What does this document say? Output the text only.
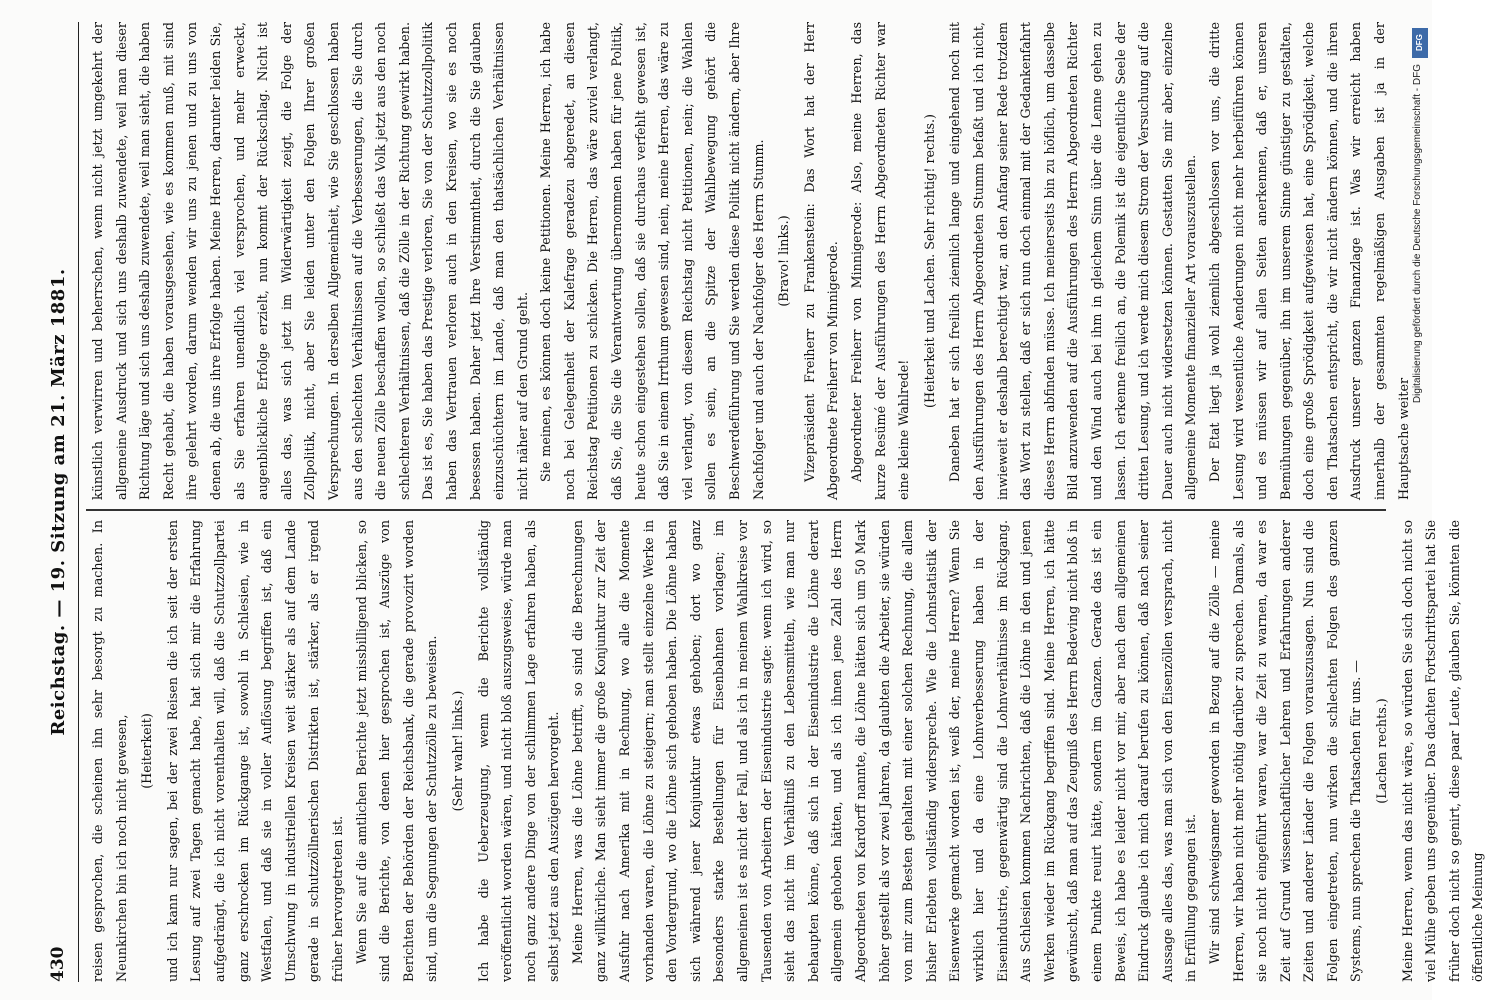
430
Reichstag. — 19. Sitzung am 21. März 1881.

reisen gesprochen, die scheinen ihn sehr besorgt zu machen. In Neunkirchen bin ich noch nicht gewesen, (Heiterkeit) und ich kann nur sagen, bei der zwei Reisen die ich seit der ersten Lesung auf zwei Tagen gemacht habe, hat sich mir die Erfahrung aufgedrängt, die ich nicht vorenthalten will, daß die Schutzzollpartei ganz erschrocken im Rückgange ist, sowohl in Schlesien, wie in Westfalen, und daß sie in voller Auflösung begriffen ist, daß ein Umschwung in industriellen Kreisen weit stärker als auf dem Lande gerade in schutzzöllnerischen Distrikten ist, stärker, als er irgend früher hervorgetreten ist. Wenn Sie auf die amtlichen Berichte jetzt missbilligend blicken, so sind die Berichte, von denen hier gesprochen ist, Auszüge von Berichten der Behörden der Reichsbank, die gerade provozirt worden sind, um die Segnungen der Schutzzölle zu beweisen. (Sehr wahr! links.) Ich habe die Ueberzeugung, wenn die Berichte vollständig veröffentlicht worden wären, und nicht bloß auszugsweise, würde man noch ganz andere Dinge von der schlimmen Lage erfahren haben, als selbst jetzt aus den Auszügen hervorgeht. Meine Herren, was die Löhne betrifft, so sind die Berechnungen ganz willkürliche. Man sieht immer die große Konjunktur zur Zeit der Ausfuhr nach Amerika mit in Rechnung, wo alle die Momente vorhanden waren, die Löhne zu steigern; man stellt einzelne Werke in den Vordergrund, wo die Löhne sich gehoben haben. Die Löhne haben sich während jener Konjunktur etwas gehoben; dort wo ganz besonders starke Bestellungen für Eisenbahnen vorlagen; im allgemeinen ist es nicht der Fall, und als ich in meinem Wahlkreise vor Tausenden von Arbeitern der Eisenindustrie sagte: wenn ich wird, so sieht das nicht im Verhältniß zu den Lebensmitteln, wie man nur behaupten könne, daß sich in der Eisenindustrie die Löhne derart allgemein gehoben hätten, und als ich ihnen jene Zahl des Herrn Abgeordneten von Kardorff nannte, die Löhne hätten sich um 50 Mark höher gestellt als vor zwei Jahren, da glaubten die Arbeiter, sie würden von mir zum Besten gehalten mit einer solchen Rechnung, die allem bisher Erlebten vollständig widerspreche. Wie die Lohnstatistik der Eisenwerke gemacht worden ist, weiß der, meine Herren? Wenn Sie wirklich hier und da eine Lohnverbesserung haben in der Eisenindustrie, gegenwärtig sind die Lohnverhältnisse im Rückgang. Aus Schlesien kommen Nachrichten, daß die Löhne in den und jenen Werken wieder im Rückgang begriffen sind. Meine Herren, ich hätte gewünscht, daß man auf das Zeugniß des Herrn Bedeving nicht bloß in einem Punkte reuirt hätte, sondern im Ganzen. Gerade das ist ein Beweis, ich habe es leider nicht vor mir, aber nach dem allgemeinen Eindruck glaube ich mich darauf berufen zu können, daß nach seiner Aussage alles das, was man sich von den Eisenzöllen versprach, nicht in Erfüllung gegangen ist. Wir sind schweigsamer geworden in Bezug auf die Zölle — meine Herren, wir haben nicht mehr nöthig darüber zu sprechen. Damals, als sie noch nicht eingeführt waren, war die Zeit zu warnen, da war es Zeit auf Grund wissenschaftlicher Lehren und Erfahrungen anderer Zeiten und anderer Länder die Folgen vorauszusagen. Nun sind die Folgen eingetreten, nun wirken die schlechten Folgen des ganzen Systems, nun sprechen die Thatsachen für uns. — (Lachen rechts.) Meine Herren, wenn das nicht wäre, so würden Sie sich doch nicht so viel Mühe geben uns gegenüber. Das dachten Fortschrittspartei hat Sie früher doch nicht so genirt, diese paar Leute, glauben Sie, könnten die öffentliche Meinung

künstlich verwirren und beherrschen, wenn nicht jetzt umgekehrt der allgemeine Ausdruck und sich uns deshalb zuwendete, weil man dieser Richtung läge und sich uns deshalb zuwendete, weil man sieht, die haben Recht gehabt, die haben vorausgesehen, wie es kommen muß, mit sind ihre gelehrt worden, darum wenden wir uns zu jenen und zu uns von denen ab, die uns ihre Erfolge haben. Meine Herren, darunter leiden Sie, als Sie erfahren unendlich viel versprochen, und mehr erweckt, augenblickliche Erfolge erzielt, nun kommt der Rückschlag. Nicht ist alles das, was sich jetzt im Widerwärtigkeit zeigt, die Folge der Zollpolitik, nicht, aber Sie leiden unter den Folgen Ihrer großen Versprechungen. In derselben Allgemeinheit, wie Sie geschlossen haben aus den schlechten Verhältnissen auf die Verbesserungen, die Sie durch die neuen Zölle beschaffen wollen, so schließt das Volk jetzt aus den noch schlechteren Verhältnissen, daß die Zölle in der Richtung gewirkt haben. Das ist es, Sie haben das Prestige verloren, Sie von der Schutzzollpolitik haben das Vertrauen verloren auch in den Kreisen, wo sie es noch besessen haben. Daher jetzt Ihre Verstimmtheit, durch die Sie glauben einzuschüchtern im Lande, daß man den thatsächlichen Verhältnissen nicht näher auf den Grund geht. Sie meinen, es können doch keine Petitionen. Meine Herren, ich habe noch bei Gelegenheit der Kalefrage geradezu abgeredet, an diesen Reichstag Petitionen zu schicken. Die Herren, das wäre zuviel verlangt, daß Sie, die Sie die Verantwortung übernommen haben für jene Politik, heute schon eingestehen sollen, daß sie durchaus verfehlt gewesen ist, daß Sie in einem Irrthum gewesen sind, nein, meine Herren, das wäre zu viel verlangt, von diesem Reichstag nicht Petitionen, nein; die Wahlen sollen es sein, an die Spitze der Wahlbewegung gehört die Beschwerdeführung und Sie werden diese Politik nicht ändern, aber Ihre Nachfolger und auch der Nachfolger des Herrn Stumm. (Bravo! links.) Vizepräsident Freiherr zu Frankenstein: Das Wort hat der Herr Abgeordnete Freiherr von Minnigerode. Abgeordneter Freiherr von Minnigerode: Also, meine Herren, das kurze Resümé der Ausführungen des Herrn Abgeordneten Richter war eine kleine Wahlrede!

(Heiterkeit und Lachen. Sehr richtig! rechts.) Daneben hat er sich freilich ziemlich lange und eingehend noch mit den Ausführungen des Herrn Abgeordneten Stumm befaßt und ich nicht, inwieweit er deshalb berechtigt war, an den Anfang seiner Rede trotzdem das Wort zu stellen, daß er sich nun doch einmal mit der Gedankenfahrt dieses Herrn abfinden müsse. Ich meinerseits bin zu höflich, um dasselbe Bild anzuwenden auf die Ausführungen des Herrn Abgeordneten Richter und den Wind auch bei ihm in gleichem Sinn über die Lenne gehen zu lassen. Ich erkenne freilich an, die Polemik ist die eigentliche Seele der dritten Lesung, und ich werde mich diesem Strom der Versuchung auf die Dauer auch nicht widersetzen können. Gestatten Sie mir aber, einzelne allgemeine Momente finanzieller Art vorauszustellen. Der Etat liegt ja wohl ziemlich abgeschlossen vor uns, die dritte Lesung wird wesentliche Aenderungen nicht mehr herbeiführen können und es müssen wir auf allen Seiten anerkennen, daß er, unseren Bemühungen gegenüber, ihn im unserem Sinne günstiger zu gestalten, doch eine große Sprödigkeit aufgewiesen hat, eine Sprödigkeit, welche den Thatsachen entspricht, die wir nicht ändern können, und die ihren Ausdruck unserer ganzen Finanzlage ist. Was wir erreicht haben innerhalb der gesammten regelmäßigen Ausgaben ist ja in der Hauptsache weiter

DFG
Digitalisierung gefördert durch die Deutsche Forschungsgemeinschaft - DFG
